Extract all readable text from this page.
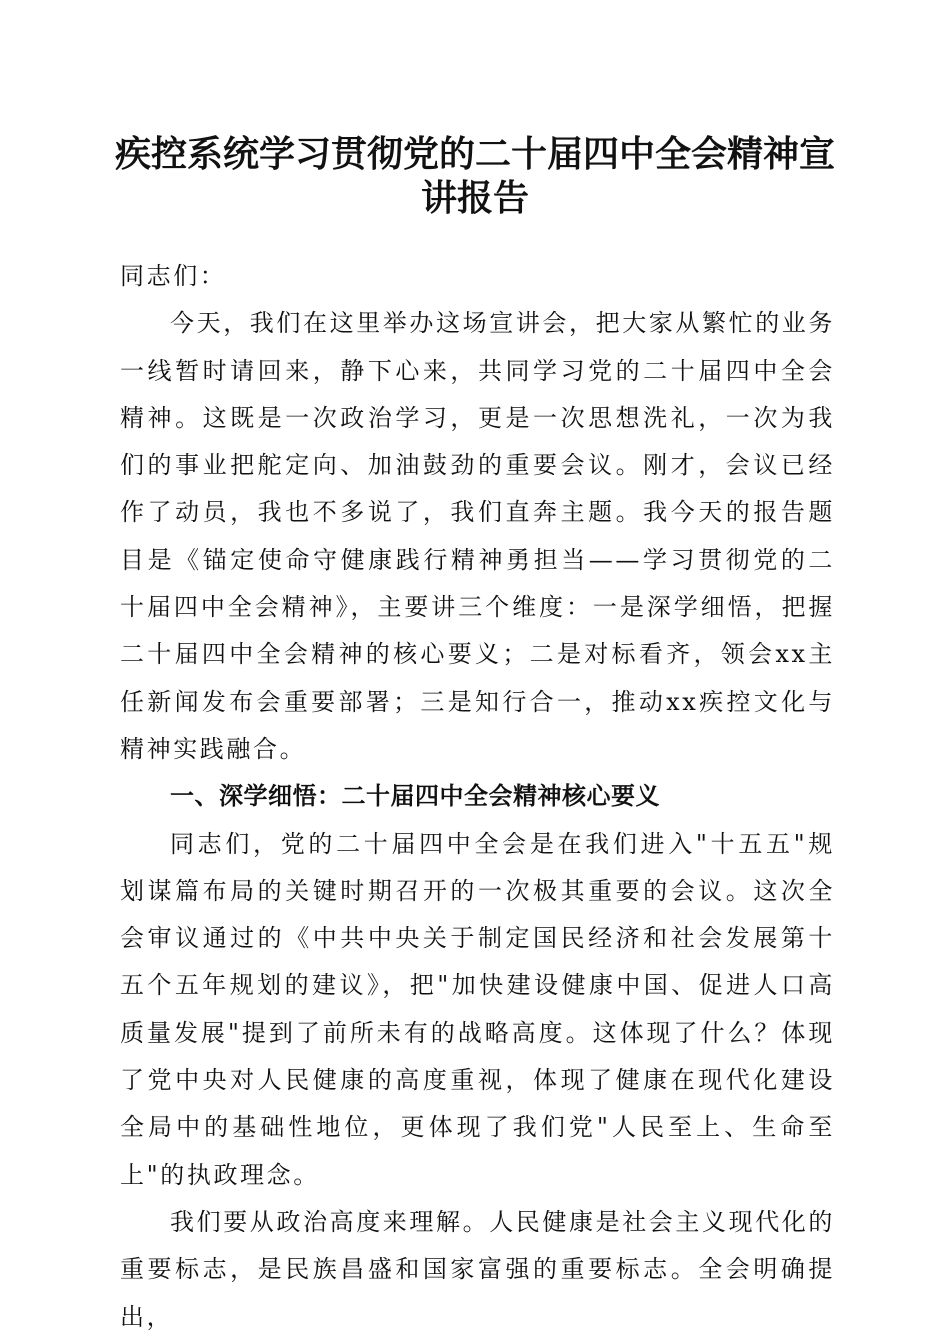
疾控系统学习贯彻党的二十届四中全会精神宣
讲报告

同志们：

今天，我们在这里举办这场宣讲会，把大家从繁忙的业务一线暂时请回来，静下心来，共同学习党的二十届四中全会精神。这既是一次政治学习，更是一次思想洗礼，一次为我们的事业把舵定向、加油鼓劲的重要会议。刚才，会议已经作了动员，我也不多说了，我们直奔主题。我今天的报告题目是《锚定使命守健康践行精神勇担当——学习贯彻党的二十届四中全会精神》，主要讲三个维度：一是深学细悟，把握二十届四中全会精神的核心要义；二是对标看齐，领会xx主任新闻发布会重要部署；三是知行合一，推动xx疾控文化与精神实践融合。

一、深学细悟：二十届四中全会精神核心要义

同志们，党的二十届四中全会是在我们进入"十五五"规划谋篇布局的关键时期召开的一次极其重要的会议。这次全会审议通过的《中共中央关于制定国民经济和社会发展第十五个五年规划的建议》，把"加快建设健康中国、促进人口高质量发展"提到了前所未有的战略高度。这体现了什么？体现了党中央对人民健康的高度重视，体现了健康在现代化建设全局中的基础性地位，更体现了我们党"人民至上、生命至上"的执政理念。

我们要从政治高度来理解。人民健康是社会主义现代化的重要标志，是民族昌盛和国家富强的重要标志。全会明确提出，
